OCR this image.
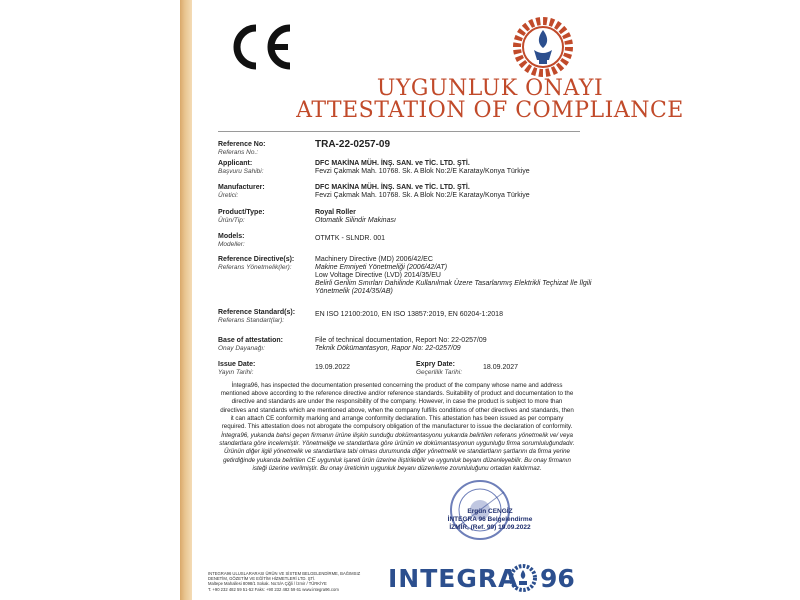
UYGUNLUK ONAYI
ATTESTATION OF COMPLIANCE
Reference No:
Referans No.:
TRA-22-0257-09
Applicant:
Başvuru Sahibi:
DFC MAKİNA MÜH. İNŞ. SAN. ve TİC. LTD. ŞTİ.
Fevzi Çakmak Mah. 10768. Sk. A Blok No:2/E Karatay/Konya Türkiye
Manufacturer:
Üretici:
DFC MAKİNA MÜH. İNŞ. SAN. ve TİC. LTD. ŞTİ.
Fevzi Çakmak Mah. 10768. Sk. A Blok No:2/E Karatay/Konya Türkiye
Product/Type:
Ürün/Tip:
Royal Roller
Otomatik Silindir Makinası
Models:
Modeller:
OTMTK - SLNDR. 001
Reference Directive(s):
Referans Yönetmelik(ler):
Machinery Directive (MD) 2006/42/EC
Makine Emniyeti Yönetmeliği (2006/42/AT)
Low Voltage Directive (LVD) 2014/35/EU
Belirli Gerilim Sınırları Dahilinde Kullanılmak Üzere Tasarlanmış Elektrikli Teçhizat İle İlgili Yönetmelik (2014/35/AB)
Reference Standard(s):
Referans Standart(lar):
EN ISO 12100:2010, EN ISO 13857:2019, EN 60204-1:2018
Base of attestation:
Onay Dayanağı:
File of technical documentation, Report No: 22-0257/09
Teknik Dökümantasyon, Rapor No: 22-0257/09
Issue Date:
Yayın Tarihi:
19.09.2022	Expry Date:
Geçerlilik Tarihi:
18.09.2027
İntegra96, has inspected the documentation presented concerning the product of the company whose name and address mentioned above according to the reference directive and/or reference standards. Suitability of product and documentation to the directive and standards are under the responsibility of the company. However, in case the product is subject to more than directives and standards which are mentioned above, when the company fulfills conditions of other directives and standards, then it can attach CE conformity marking and arrange conformity declaration. This attestation has been issued as per company required. This attestation does not abrogate the compulsory obligation of the manufacturer to issue the declaration of conformity.
İntegra96, yukarıda bahsi geçen firmanın ürüne ilişkin sunduğu dokümantasyonu yukarıda belirtilen referans yönetmelik ve/ veya standartlara göre incelemiştir. Yönetmeliğe ve standartlara göre ürünün ve dokümantasyonun uygunluğu firma sorumluluğundadır. Ürünün diğer ilgili yönetmelik ve standartlara tabi olması durumunda diğer yönetmelik ve standartların şartlarını da firma yerine getirdiğinde yukarıda belirtilen CE uygunluk işareti ürün üzerine iliştirilebilir ve uygunluk beyanı düzenleyebilir. Bu onay firmanın isteği üzerine verilmiştir. Bu onay üreticinin uygunluk beyanı düzenleme zorunluluğunu ortadan kaldırmaz.
Ergün CENGİZ
İNTEGRA 96 Belgelendirme
İZMİR, (Ref. 99) 19.09.2022
INTEGRA96 ULUSLARARASI ÜRÜN VE SİSTEM BELGELENDİRME, BAĞIMSIZ DENETİM, GÖZETİM VE EĞİTİM HİZMETLERİ LTD. ŞTİ.
Maltepe Mahallesi 8098/1 Sokak. No:5/A Çiğli / İzmir / TÜRKİYE
T. +90 232 482 59 51-52 Faks: +90 232 482 59 61 www.integra96.com	INTEGRA 96
